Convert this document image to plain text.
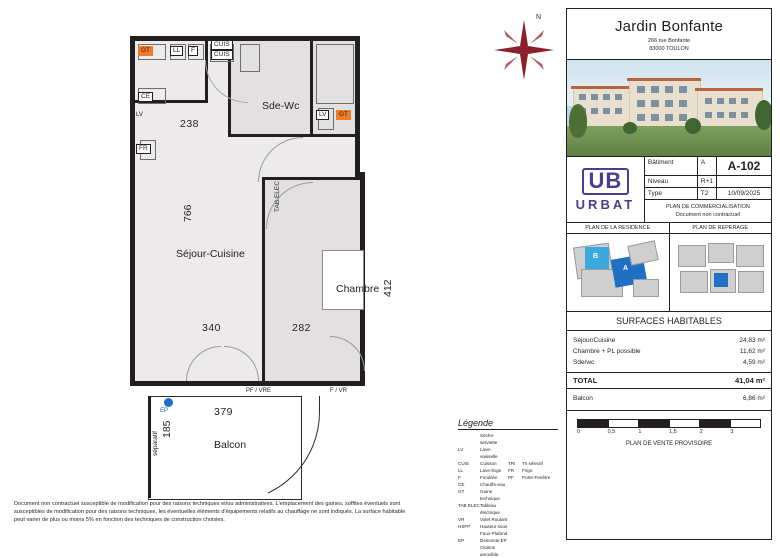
GT	LL	F
CUIS
CUIS
CE
GT
LV
LV
FR
TAB.ELEC
Séjour-Cuisine
Sde-Wc
Chambre
Balcon
766
340	282
412
238
379
185
séparatif
PF / VRE	F / VR
EP
N
Jardin Bonfante
266 rue Bonfante
83000 TOULON
UB
URBAT
Bâtiment	A	A-102
Niveau	R+1
Type	T2	10/09/2025
PLAN DE COMMERCIALISATION
Document non contractuel
PLAN DE LA RESIDENCE
B
A
PLAN DE REPERAGE
SURFACES HABITABLES
Séjour/Cuisine	24,83 m²
Chambre + PL possible	11,62 m²
Sde/wc	4,59 m²
TOTAL	41,04 m²
Balcon	6,86 m²
0	0,5	1	1,5	2	3
PLAN DE VENTE PROVISOIRE
Légende
Sèche-serviette
LV	Lave-vaisselle
CUIS	Cuisson	TRI	Tri sélectif
LL	Lave-linge	FR	Frigo
F	Fondrée	PF	Porte-Fenêtre
CE	Chauffe-eau
GT	Gaine technique
TAB ELEC Tableau électrique
VR	Volet Roulant
HSFP	Hauteur sous Faux-Plafond
EP	Descente EP
Cloison amovible
Document non contractuel susceptible de modification pour des raisons techniques et/ou administratives. L'emplacement des gaines, soffites éventuels sont susceptibles de modification pour des raisons techniques, les éventuelles éléments d'équipements relatifs au chauffage ne sont indiqués. La surface habitable peut varier de plus ou moins 5% en fonction des techniques de construction choisies.
